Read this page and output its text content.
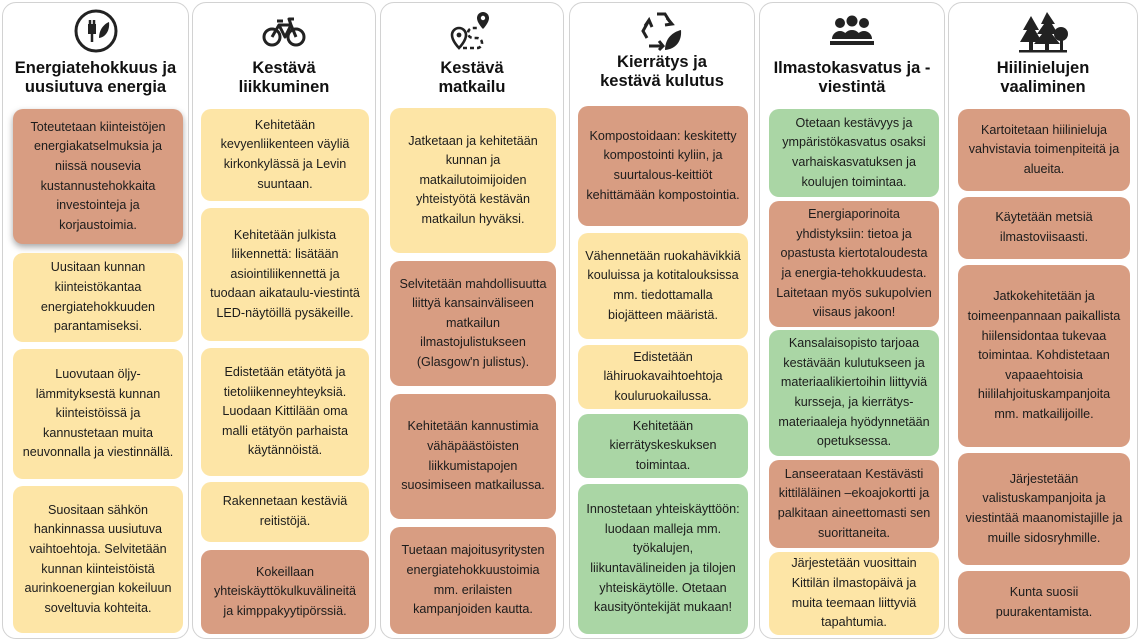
Energiatehokkuus ja uusiutuva energia
Toteutetaan kiinteistöjen energiakatselmuksia ja niissä nousevia kustannustehokkaita investointeja ja korjaustoimia.
Uusitaan kunnan kiinteistökantaa energiatehokkuuden parantamiseksi.
Luovutaan öljy-lämmityksestä kunnan kiinteistöissä ja kannustetaan muita neuvonnalla ja viestinnällä.
Suositaan sähkön hankinnassa uusiutuva vaihtoehtoja. Selvitetään kunnan kiinteistöistä aurinkoenergian kokeiluun soveltuvia kohteita.
Kestävä liikkuminen
Kehitetään kevyenliikenteen väyliä kirkonkylässä ja Levin suuntaan.
Kehitetään julkista liikennettä: lisätään asiointiliikennettä ja tuodaan aikataulu-viestintä LED-näytöillä pysäkeille.
Edistetään etätyötä ja tietoliikenneyhteyksiä. Luodaan Kittilään oma malli etätyön parhaista käytännöistä.
Rakennetaan kestäviä reitistöjä.
Kokeillaan yhteiskäyttökulkuvälineitä ja kimppakyytipörssiä.
Kestävä matkailu
Jatketaan ja kehitetään kunnan ja matkailutoimijoiden yhteistyötä kestävän matkailun hyväksi.
Selvitetään mahdollisuutta liittyä kansainväliseen matkailun ilmastojulistukseen (Glasgow'n julistus).
Kehitetään kannustimia vähäpäästöisten liikkumistapojen suosimiseen matkailussa.
Tuetaan majoitusyritysten energiatehokkuustoimia mm. erilaisten kampanjoiden kautta.
Kierrätys ja kestävä kulutus
Kompostoidaan: keskitetty kompostointi kyliin, ja suurtalous-keittiöt kehittämään kompostointia.
Vähennetään ruokahävikkiä kouluissa ja kotitalouksissa mm. tiedottamalla biojätteen määristä.
Edistetään lähiruokavaihtoehtoja kouluruokailussa.
Kehitetään kierrätyskeskuksen toimintaa.
Innostetaan yhteiskäyttöön: luodaan malleja mm. työkalujen, liikuntavälineiden ja tilojen yhteiskäytölle. Otetaan kausityöntekijät mukaan!
Ilmastokasvatus ja -viestintä
Otetaan kestävyys ja ympäristökasvatus osaksi varhaiskasvatuksen ja koulujen toimintaa.
Energiaporinoita yhdistyksiin: tietoa ja opastusta kiertotaloudesta ja energia-tehokkuudesta. Laitetaan myös sukupolvien viisaus jakoon!
Kansalaisopisto tarjoaa kestävään kulutukseen ja materiaalikiertoihin liittyviä kursseja, ja kierrätys-materiaaleja hyödynnetään opetuksessa.
Lanseerataan Kestävästi kittiläläinen –ekoajokortti ja palkitaan aineettomasti sen suorittaneita.
Järjestetään vuosittain Kittilän ilmastopäivä ja muita teemaan liittyviä tapahtumia.
Hiilinielujen vaaliminen
Kartoitetaan hiilinieluja vahvistavia toimenpiteitä ja alueita.
Käytetään metsiä ilmastoviisaasti.
Jatkokehitetään ja toimeenpannaan paikallista hiilensidontaa tukevaa toimintaa. Kohdistetaan vapaaehtoisia hiililahjoituskampanjoita mm. matkailijoille.
Järjestetään valistuskampanjoita ja viestintää maanomistajille ja muille sidosryhmille.
Kunta suosii puurakentamista.
